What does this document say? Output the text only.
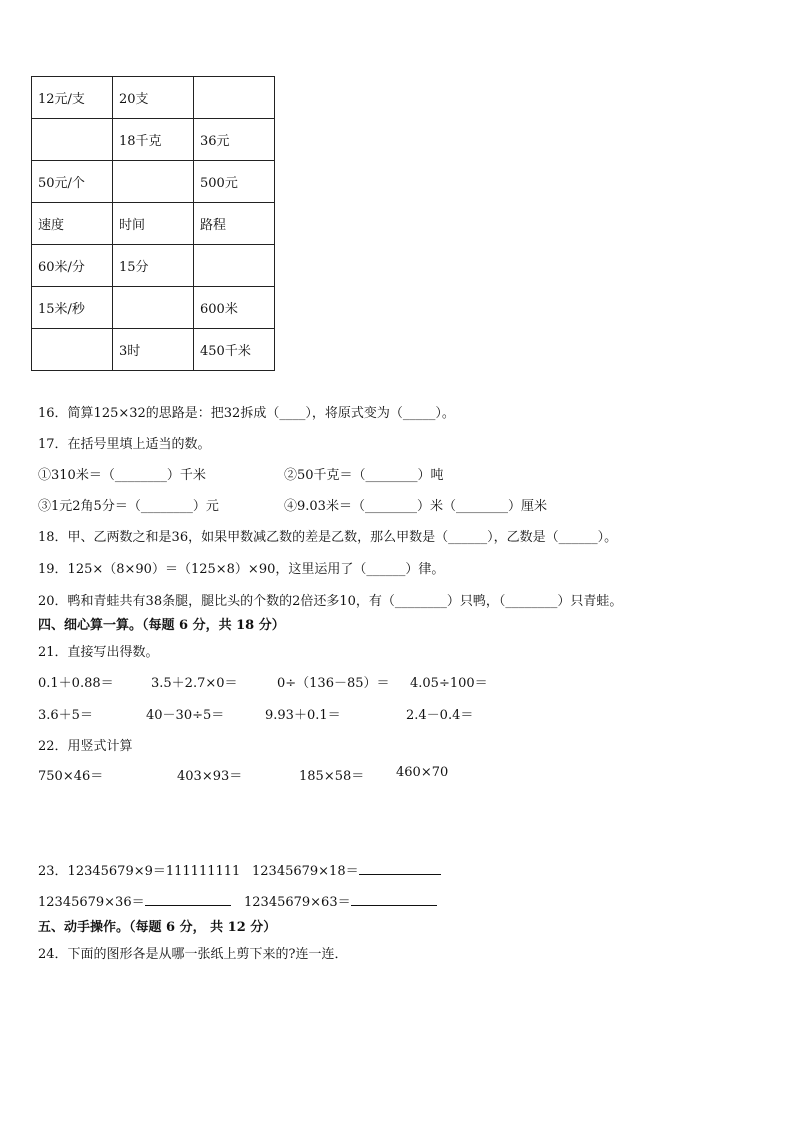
12元/支	20支	
	18千克	36元
50元/个		500元
速度	时间	路程
60米/分	15分	
15米/秒		600米
	3时	450千米
16．简算125×32的思路是：把32拆成（____），将原式变为（_____）。
17．在括号里填上适当的数。
①310米＝（________）千米	②50千克＝（________）吨
③1元2角5分＝（________）元	④9.03米＝（________）米（________）厘米
18．甲、乙两数之和是36，如果甲数减乙数的差是乙数，那么甲数是（______），乙数是（______）。
19．125×（8×90）＝（125×8）×90，这里运用了（______）律。
20．鸭和青蛙共有38条腿，腿比头的个数的2倍还多10，有（________）只鸭，（________）只青蛙。
四、细心算一算。（每题 6 分，共 18 分）
21．直接写出得数。
0.1＋0.88＝	3.5＋2.7×0＝	0÷（136－85）＝ 4.05÷100＝
3.6＋5＝	40－30÷5＝	9.93＋0.1＝	2.4－0.4＝
22．用竖式计算
750×46＝	403×93＝	185×58＝ 460×70
23．12345679×9＝111111111 12345679×18＝
12345679×36＝	12345679×63＝
五、动手操作。（每题 6 分， 共 12 分）
24．下面的图形各是从哪一张纸上剪下来的?连一连．
